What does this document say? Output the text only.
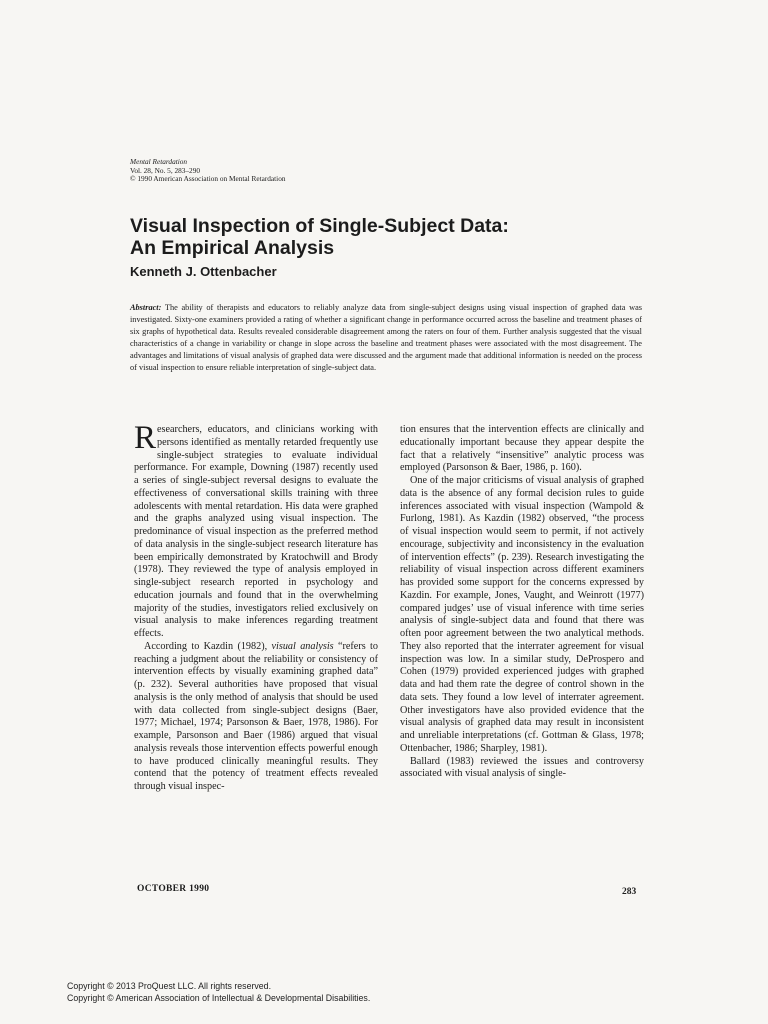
Mental Retardation
Vol. 28, No. 5, 283–290
© 1990 American Association on Mental Retardation
Visual Inspection of Single-Subject Data:
An Empirical Analysis

Kenneth J. Ottenbacher

Abstract: The ability of therapists and educators to reliably analyze data from single-subject designs using visual inspection of graphed data was investigated. Sixty-one examiners provided a rating of whether a significant change in performance occurred across the baseline and treatment phases of six graphs of hypothetical data. Results revealed considerable disagreement among the raters on four of them. Further analysis suggested that the visual characteristics of a change in variability or change in slope across the baseline and treatment phases were associated with the most disagreement. The advantages and limitations of visual analysis of graphed data were discussed and the argument made that additional information is needed on the process of visual inspection to ensure reliable interpretation of single-subject data.

Researchers, educators, and clinicians working with persons identified as mentally retarded frequently use single-subject strategies to evaluate individual performance. For example, Downing (1987) recently used a series of single-subject reversal designs to evaluate the effectiveness of conversational skills training with three adolescents with mental retardation. His data were graphed and the graphs analyzed using visual inspection. The predominance of visual inspection as the preferred method of data analysis in the single-subject research literature has been empirically demonstrated by Kratochwill and Brody (1978). They reviewed the type of analysis employed in single-subject research reported in psychology and education journals and found that in the overwhelming majority of the studies, investigators relied exclusively on visual analysis to make inferences regarding treatment effects.

According to Kazdin (1982), visual analysis “refers to reaching a judgment about the reliability or consistency of intervention effects by visually examining graphed data” (p. 232). Several authorities have proposed that visual analysis is the only method of analysis that should be used with data collected from single-subject designs (Baer, 1977; Michael, 1974; Parsonson & Baer, 1978, 1986). For example, Parsonson and Baer (1986) argued that visual analysis reveals those intervention effects powerful enough to have produced clinically meaningful results. They contend that the potency of treatment effects revealed through visual inspec-

tion ensures that the intervention effects are clinically and educationally important because they appear despite the fact that a relatively “insensitive” analytic process was employed (Parsonson & Baer, 1986, p. 160).

One of the major criticisms of visual analysis of graphed data is the absence of any formal decision rules to guide inferences associated with visual inspection (Wampold & Furlong, 1981). As Kazdin (1982) observed, “the process of visual inspection would seem to permit, if not actively encourage, subjectivity and inconsistency in the evaluation of intervention effects” (p. 239). Research investigating the reliability of visual inspection across different examiners has provided some support for the concerns expressed by Kazdin. For example, Jones, Vaught, and Weinrott (1977) compared judges’ use of visual inference with time series analysis of single-subject data and found that there was often poor agreement between the two analytical methods. They also reported that the interrater agreement for visual inspection was low. In a similar study, DeProspero and Cohen (1979) provided experienced judges with graphed data and had them rate the degree of control shown in the data sets. They found a low level of interrater agreement. Other investigators have also provided evidence that the visual analysis of graphed data may result in inconsistent and unreliable interpretations (cf. Gottman & Glass, 1978; Ottenbacher, 1986; Sharpley, 1981).

Ballard (1983) reviewed the issues and controversy associated with visual analysis of single-

OCTOBER 1990	283
Copyright © 2013 ProQuest LLC. All rights reserved.
Copyright © American Association of Intellectual & Developmental Disabilities.
